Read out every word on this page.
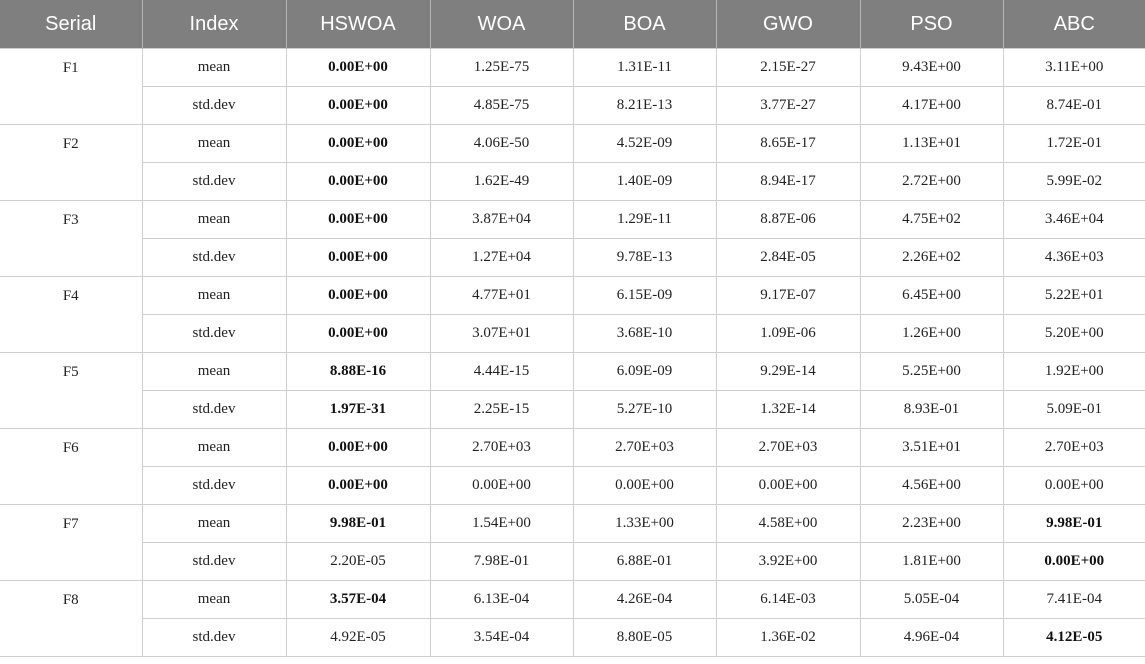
Serial	Index	HSWOA	WOA	BOA	GWO	PSO	ABC
F1	mean	0.00E+00	1.25E-75	1.31E-11	2.15E-27	9.43E+00	3.11E+00
	std.dev	0.00E+00	4.85E-75	8.21E-13	3.77E-27	4.17E+00	8.74E-01
F2	mean	0.00E+00	4.06E-50	4.52E-09	8.65E-17	1.13E+01	1.72E-01
	std.dev	0.00E+00	1.62E-49	1.40E-09	8.94E-17	2.72E+00	5.99E-02
F3	mean	0.00E+00	3.87E+04	1.29E-11	8.87E-06	4.75E+02	3.46E+04
	std.dev	0.00E+00	1.27E+04	9.78E-13	2.84E-05	2.26E+02	4.36E+03
F4	mean	0.00E+00	4.77E+01	6.15E-09	9.17E-07	6.45E+00	5.22E+01
	std.dev	0.00E+00	3.07E+01	3.68E-10	1.09E-06	1.26E+00	5.20E+00
F5	mean	8.88E-16	4.44E-15	6.09E-09	9.29E-14	5.25E+00	1.92E+00
	std.dev	1.97E-31	2.25E-15	5.27E-10	1.32E-14	8.93E-01	5.09E-01
F6	mean	0.00E+00	2.70E+03	2.70E+03	2.70E+03	3.51E+01	2.70E+03
	std.dev	0.00E+00	0.00E+00	0.00E+00	0.00E+00	4.56E+00	0.00E+00
F7	mean	9.98E-01	1.54E+00	1.33E+00	4.58E+00	2.23E+00	9.98E-01
	std.dev	2.20E-05	7.98E-01	6.88E-01	3.92E+00	1.81E+00	0.00E+00
F8	mean	3.57E-04	6.13E-04	4.26E-04	6.14E-03	5.05E-04	7.41E-04
	std.dev	4.92E-05	3.54E-04	8.80E-05	1.36E-02	4.96E-04	4.12E-05
